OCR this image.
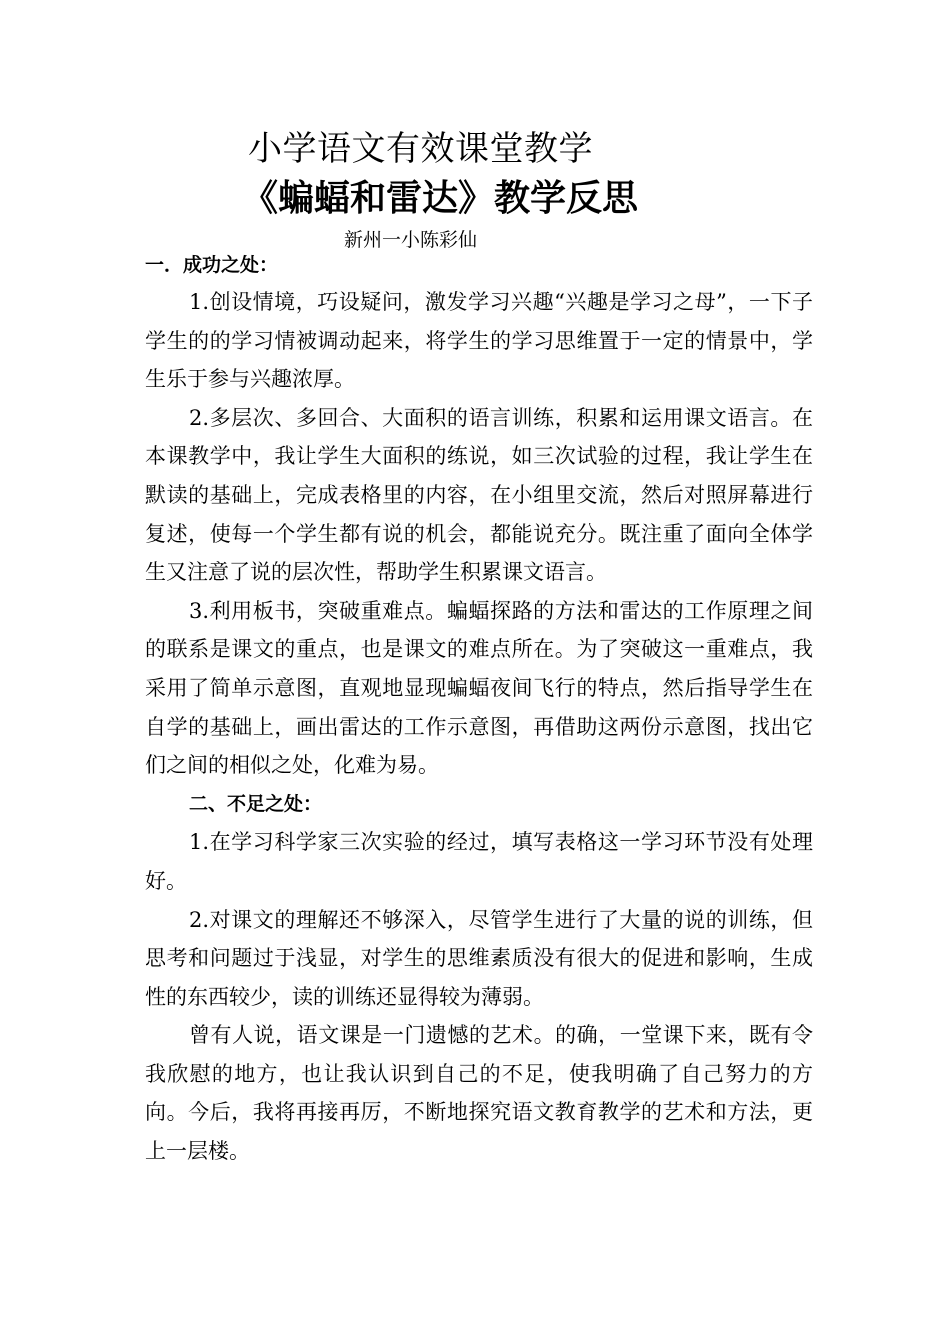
小学语文有效课堂教学
《蝙蝠和雷达》教学反思
新州一小陈彩仙

一．成功之处：

1.创设情境，巧设疑问，激发学习兴趣“兴趣是学习之母”，一下子学生的的学习情被调动起来，将学生的学习思维置于一定的情景中，学生乐于参与兴趣浓厚。

2.多层次、多回合、大面积的语言训练，积累和运用课文语言。在本课教学中，我让学生大面积的练说，如三次试验的过程，我让学生在默读的基础上，完成表格里的内容，在小组里交流，然后对照屏幕进行复述，使每一个学生都有说的机会，都能说充分。既注重了面向全体学生又注意了说的层次性，帮助学生积累课文语言。

3.利用板书，突破重难点。蝙蝠探路的方法和雷达的工作原理之间的联系是课文的重点，也是课文的难点所在。为了突破这一重难点，我采用了简单示意图，直观地显现蝙蝠夜间飞行的特点，然后指导学生在自学的基础上，画出雷达的工作示意图，再借助这两份示意图，找出它们之间的相似之处，化难为易。

二、不足之处：

1.在学习科学家三次实验的经过，填写表格这一学习环节没有处理好。

2.对课文的理解还不够深入，尽管学生进行了大量的说的训练，但思考和问题过于浅显，对学生的思维素质没有很大的促进和影响，生成性的东西较少，读的训练还显得较为薄弱。

曾有人说，语文课是一门遗憾的艺术。的确，一堂课下来，既有令我欣慰的地方，也让我认识到自己的不足，使我明确了自己努力的方向。今后，我将再接再厉，不断地探究语文教育教学的艺术和方法，更上一层楼。
